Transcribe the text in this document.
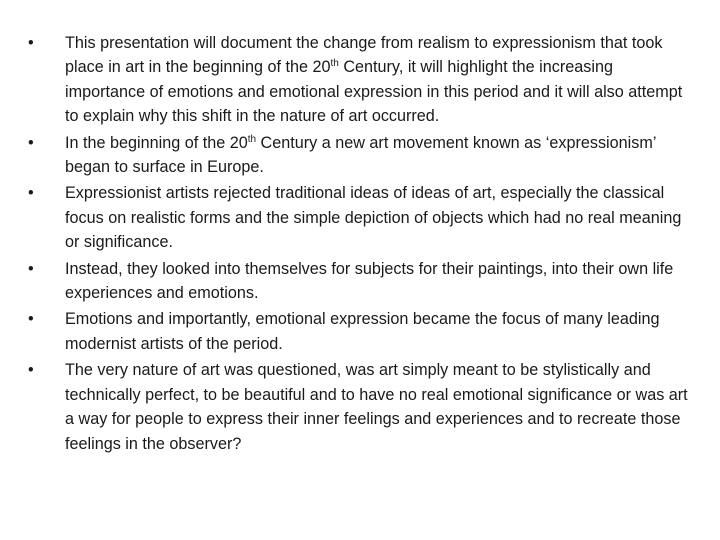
•	This presentation will document the change from realism to expressionism that took place in art in the beginning of the 20th Century, it will highlight the increasing importance of emotions and emotional expression in this period and it will also attempt to explain why this shift in the nature of art occurred.
•	In the beginning of the 20th Century a new art movement known as ‘expressionism’ began to surface in Europe.
•	Expressionist artists rejected traditional ideas of ideas of art, especially the classical focus on realistic forms and the simple depiction of objects which had no real meaning or significance.
•	Instead, they looked into themselves for subjects for their paintings, into their own life experiences and emotions.
•	Emotions and importantly, emotional expression became the focus of many leading modernist artists of the period.
•	The very nature of art was questioned, was art simply meant to be stylistically and technically perfect, to be beautiful and to have no real emotional significance or was art a way for people to express their inner feelings and experiences and to recreate those feelings in the observer?
